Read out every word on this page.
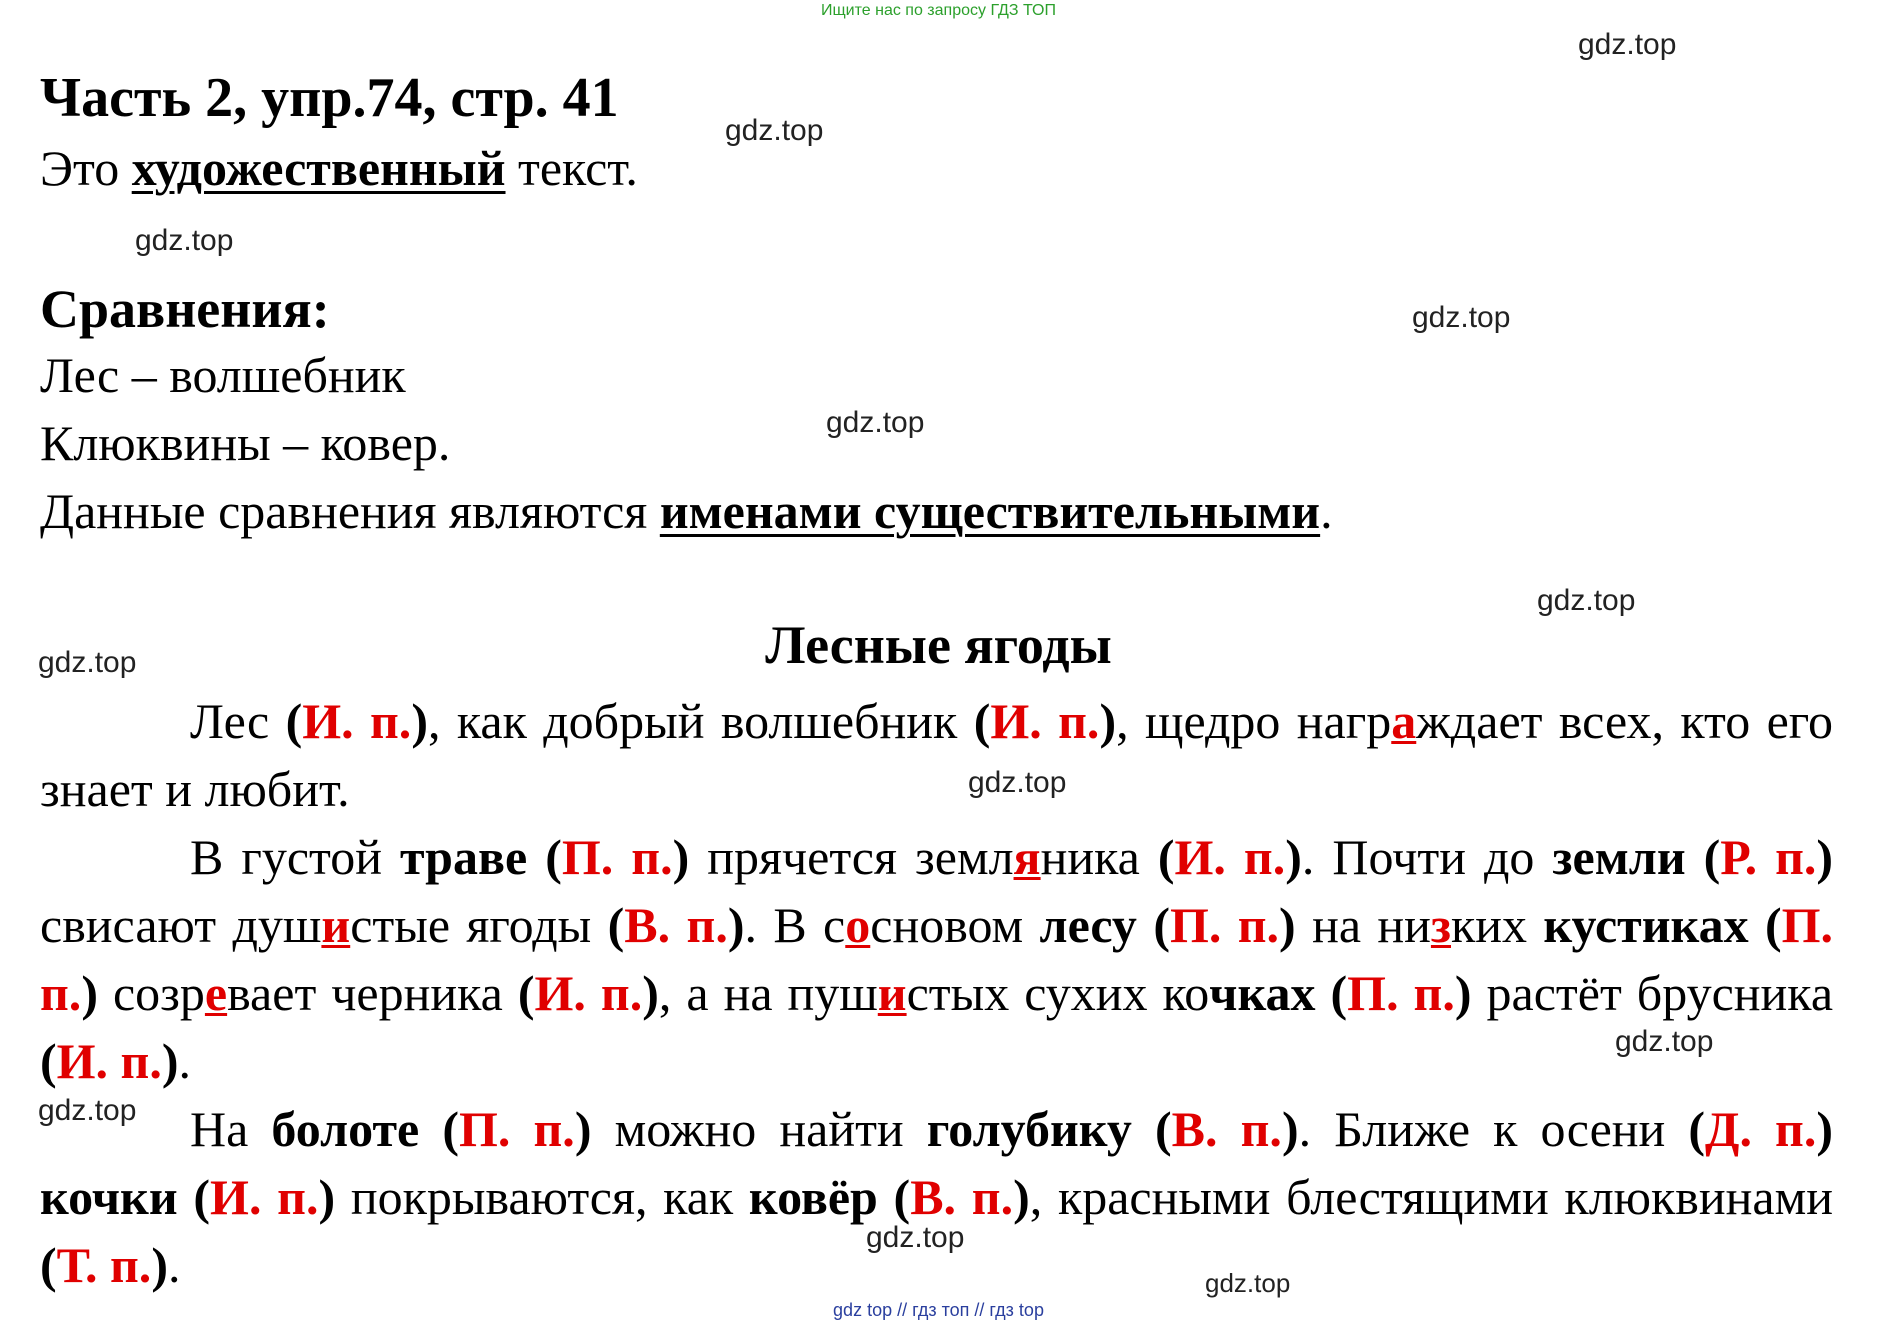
Ищите нас по запросу ГДЗ ТОП
Часть 2, упр.74, стр. 41
Это художественный текст.
Сравнения:
Лес – волшебник
Клюквины – ковер.
Данные сравнения являются именами существительными.
Лесные ягоды

Лес (И. п.), как добрый волшебник (И. п.), щедро награждает всех, кто его знает и любит.

В густой траве (П. п.) прячется земляника (И. п.). Почти до земли (Р. п.) свисают душистые ягоды (В. п.). В сосновом лесу (П. п.) на низких кустиках (П. п.) созревает черника (И. п.), а на пушистых сухих кочках (П. п.) растёт брусника (И. п.).

На болоте (П. п.) можно найти голубику (В. п.). Ближе к осени (Д. п.) кочки (И. п.) покрываются, как ковёр (В. п.), красными блестящими клюквинами (Т. п.).

gdz.top
gdz.top
gdz.top
gdz.top
gdz.top
gdz.top
gdz.top
gdz.top
gdz.top
gdz.top
gdz.top
gdz.top
gdz top // гдз топ // гдз top
